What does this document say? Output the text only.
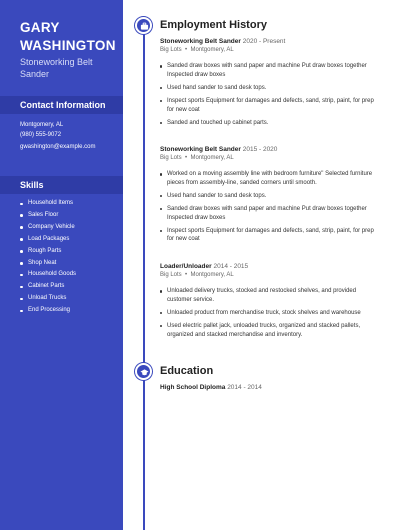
GARY WASHINGTON
Stoneworking Belt Sander
Contact Information
Montgomery, AL
(980) 555-9072
gwashington@example.com
Skills
Household Items
Sales Floor
Company Vehicle
Load Packages
Rough Parts
Shop Neat
Household Goods
Cabinet Parts
Unload Trucks
End Processing
Employment History
Stoneworking Belt Sander 2020 - Present
Big Lots  •  Montgomery, AL
Sanded draw boxes with sand paper and machine Put draw boxes together Inspected draw boxes
Used hand sander to sand desk tops.
Inspect sports Equipment for damages and defects, sand, strip, paint, for prep for new coat
Sanded and touched up cabinet parts.
Stoneworking Belt Sander 2015 - 2020
Big Lots  •  Montgomery, AL
Worked on a moving assembly line with bedroom furniture" Selected furniture pieces from assembly-line, sanded corners until smooth.
Used hand sander to sand desk tops.
Sanded draw boxes with sand paper and machine Put draw boxes together Inspected draw boxes
Inspect sports Equipment for damages and defects, sand, strip, paint, for prep for new coat
Loader/Unloader 2014 - 2015
Big Lots  •  Montgomery, AL
Unloaded delivery trucks, stocked and restocked shelves, and provided customer service.
Unloaded product from merchandise truck, stock shelves and warehouse
Used electric pallet jack, unloaded trucks, organized and stacked pallets, organized and stacked merchandise and inventory.
Education
High School Diploma 2014 - 2014
